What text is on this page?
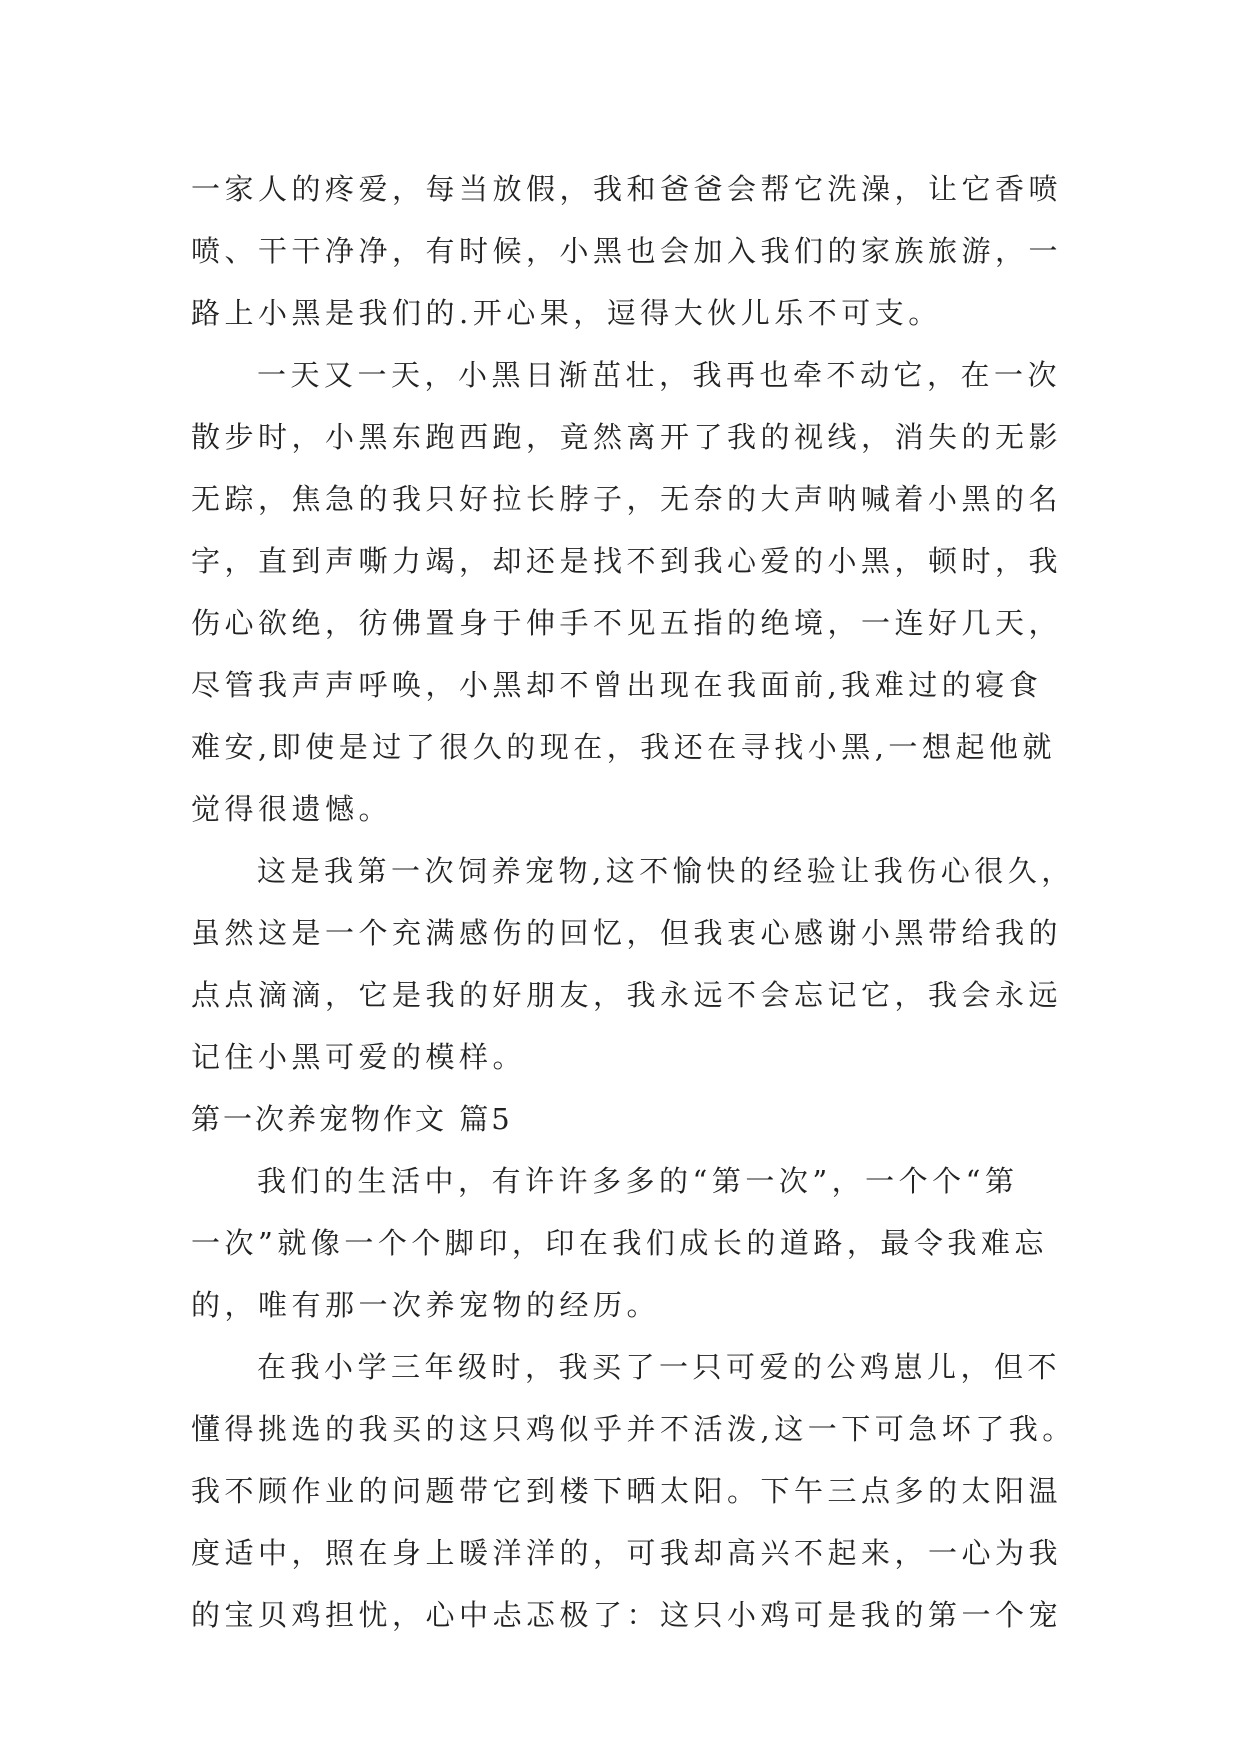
一家人的疼爱，每当放假，我和爸爸会帮它洗澡，让它香喷
喷、干干净净，有时候，小黑也会加入我们的家族旅游，一
路上小黑是我们的.开心果，逗得大伙儿乐不可支。
一天又一天，小黑日渐茁壮，我再也牵不动它，在一次
散步时，小黑东跑西跑，竟然离开了我的视线，消失的无影
无踪，焦急的我只好拉长脖子，无奈的大声呐喊着小黑的名
字，直到声嘶力竭，却还是找不到我心爱的小黑，顿时，我
伤心欲绝，彷佛置身于伸手不见五指的绝境，一连好几天，
尽管我声声呼唤，小黑却不曾出现在我面前,我难过的寝食
难安,即使是过了很久的现在，我还在寻找小黑,一想起他就
觉得很遗憾。
这是我第一次饲养宠物,这不愉快的经验让我伤心很久，
虽然这是一个充满感伤的回忆，但我衷心感谢小黑带给我的
点点滴滴，它是我的好朋友，我永远不会忘记它，我会永远
记住小黑可爱的模样。
第一次养宠物作文 篇5
我们的生活中，有许许多多的“第一次”，一个个“第
一次”就像一个个脚印，印在我们成长的道路，最令我难忘
的，唯有那一次养宠物的经历。
在我小学三年级时，我买了一只可爱的公鸡崽儿，但不
懂得挑选的我买的这只鸡似乎并不活泼,这一下可急坏了我。
我不顾作业的问题带它到楼下晒太阳。下午三点多的太阳温
度适中，照在身上暖洋洋的，可我却高兴不起来，一心为我
的宝贝鸡担忧，心中忐忑极了：这只小鸡可是我的第一个宠
